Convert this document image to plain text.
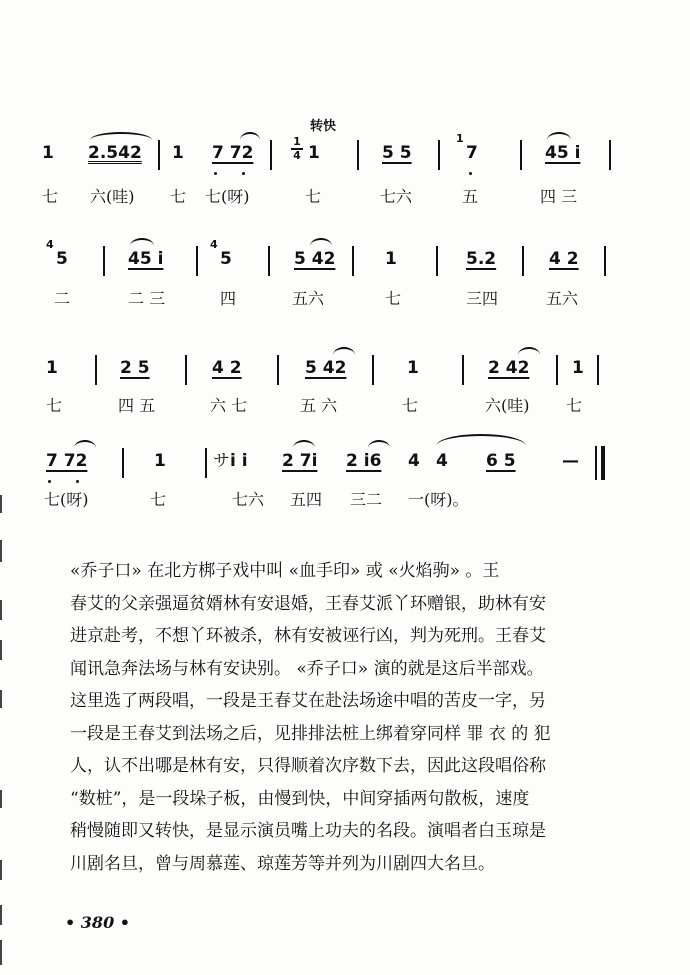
转快
1 2.542 1 7 72
1
4 1	5 5
1
7	45 i
七 六(哇) 七 七(呀)	七	七六	五	四 三
4
5	45 i
4
5	5 42	1	5.2	4 2
二	二 三	四	五六	七	三四	五六
1	2 5	4 2	5 42	1	2 42	1
七	四 五	六 七	五 六	七	六(哇) 七
7 72	1	サ i i 2 7i 2 i6 4 4 6 5	—
七(呀)	七	七六 五四 三二 一(呀)。
«乔子口» 在北方梆子戏中叫 «血手印» 或 «火焰驹» 。王
春艾的父亲强逼贫婿林有安退婚，王春艾派丫环赠银，助林有安
进京赴考，不想丫环被杀，林有安被诬行凶，判为死刑。王春艾
闻讯急奔法场与林有安诀别。 «乔子口» 演的就是这后半部戏。
这里选了两段唱，一段是王春艾在赴法场途中唱的苦皮一字，另
一段是王春艾到法场之后，见排排法桩上绑着穿同样 罪 衣 的 犯
人，认不出哪是林有安，只得顺着次序数下去，因此这段唱俗称
“数桩”，是一段垛子板，由慢到快，中间穿插两句散板，速度
稍慢随即又转快，是显示演员嘴上功夫的名段。演唱者白玉琼是
川剧名旦，曾与周慕莲、琼莲芳等并列为川剧四大名旦。
• 380 •
